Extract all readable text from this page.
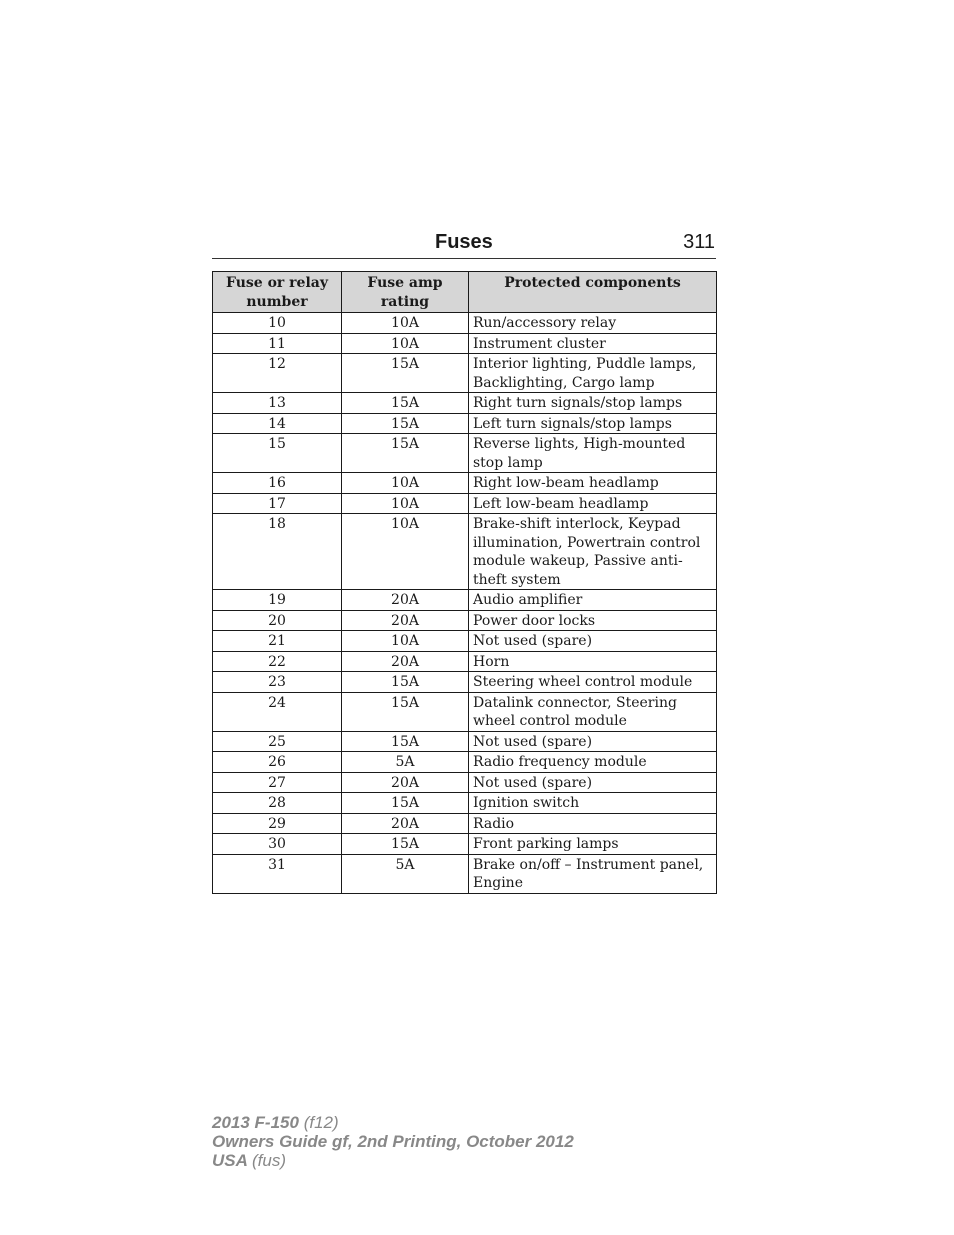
Fuses	311
Fuse or relay number	Fuse amp rating	Protected components
10	10A	Run/accessory relay
11	10A	Instrument cluster
12	15A	Interior lighting, Puddle lamps, Backlighting, Cargo lamp
13	15A	Right turn signals/stop lamps
14	15A	Left turn signals/stop lamps
15	15A	Reverse lights, High-mounted stop lamp
16	10A	Right low-beam headlamp
17	10A	Left low-beam headlamp
18	10A	Brake-shift interlock, Keypad illumination, Powertrain control module wakeup, Passive anti-theft system
19	20A	Audio amplifier
20	20A	Power door locks
21	10A	Not used (spare)
22	20A	Horn
23	15A	Steering wheel control module
24	15A	Datalink connector, Steering wheel control module
25	15A	Not used (spare)
26	5A	Radio frequency module
27	20A	Not used (spare)
28	15A	Ignition switch
29	20A	Radio
30	15A	Front parking lamps
31	5A	Brake on/off – Instrument panel, Engine
2013 F-150 (f12)
Owners Guide gf, 2nd Printing, October 2012
USA (fus)
